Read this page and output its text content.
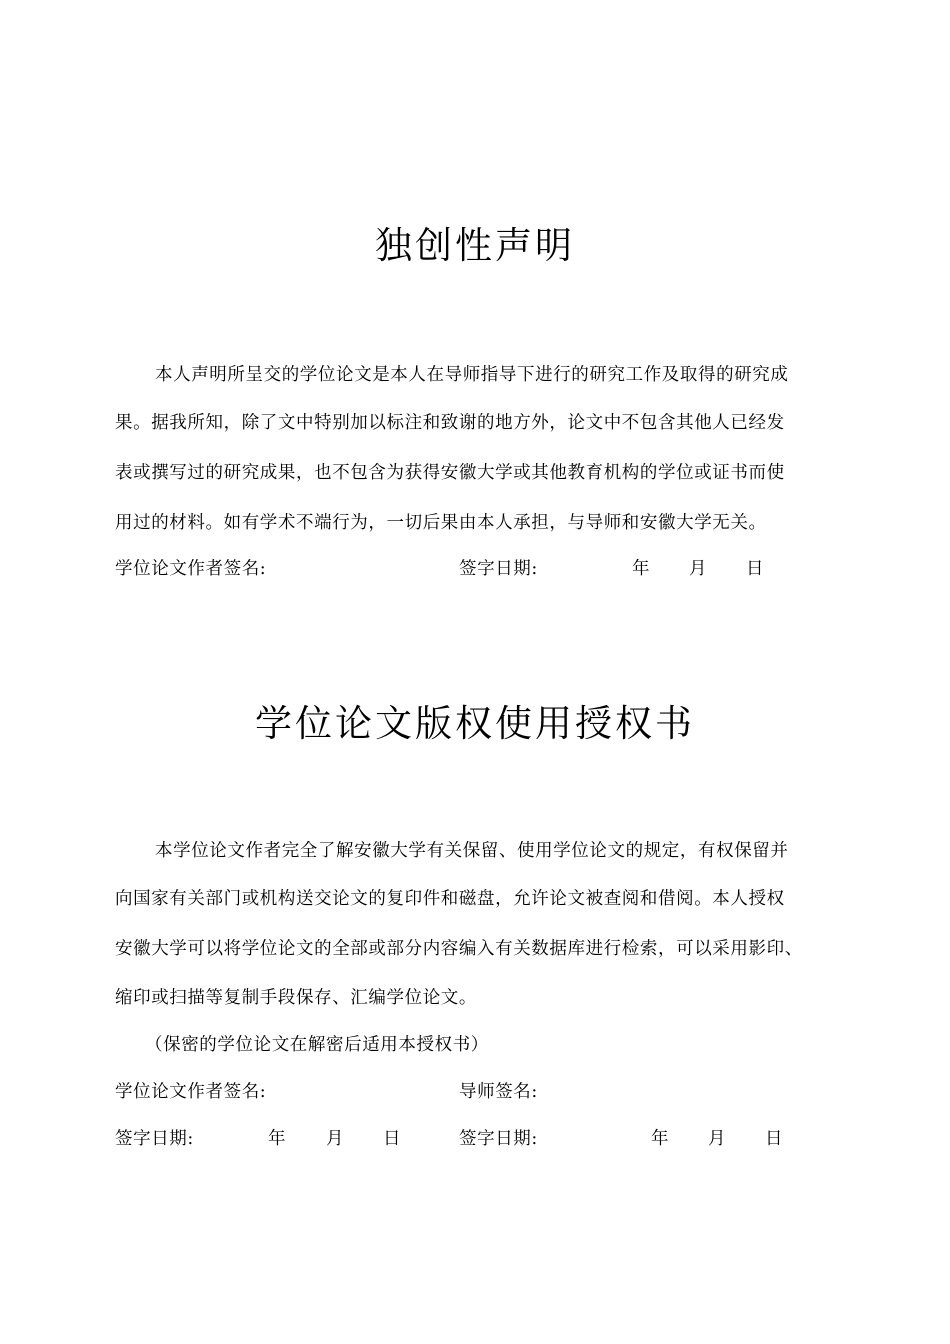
独创性声明
本人声明所呈交的学位论文是本人在导师指导下进行的研究工作及取得的研究成
果。据我所知，除了文中特别加以标注和致谢的地方外，论文中不包含其他人已经发
表或撰写过的研究成果，也不包含为获得安徽大学或其他教育机构的学位或证书而使
用过的材料。如有学术不端行为，一切后果由本人承担，与导师和安徽大学无关。
学位论文作者签名:	签字日期:	年 月 日
学位论文版权使用授权书
本学位论文作者完全了解安徽大学有关保留、使用学位论文的规定，有权保留并
向国家有关部门或机构送交论文的复印件和磁盘，允许论文被查阅和借阅。本人授权
安徽大学可以将学位论文的全部或部分内容编入有关数据库进行检索，可以采用影印、
缩印或扫描等复制手段保存、汇编学位论文。
（保密的学位论文在解密后适用本授权书）
学位论文作者签名:	导师签名:
签字日期:	年 月 日	签字日期:	年 月 日
